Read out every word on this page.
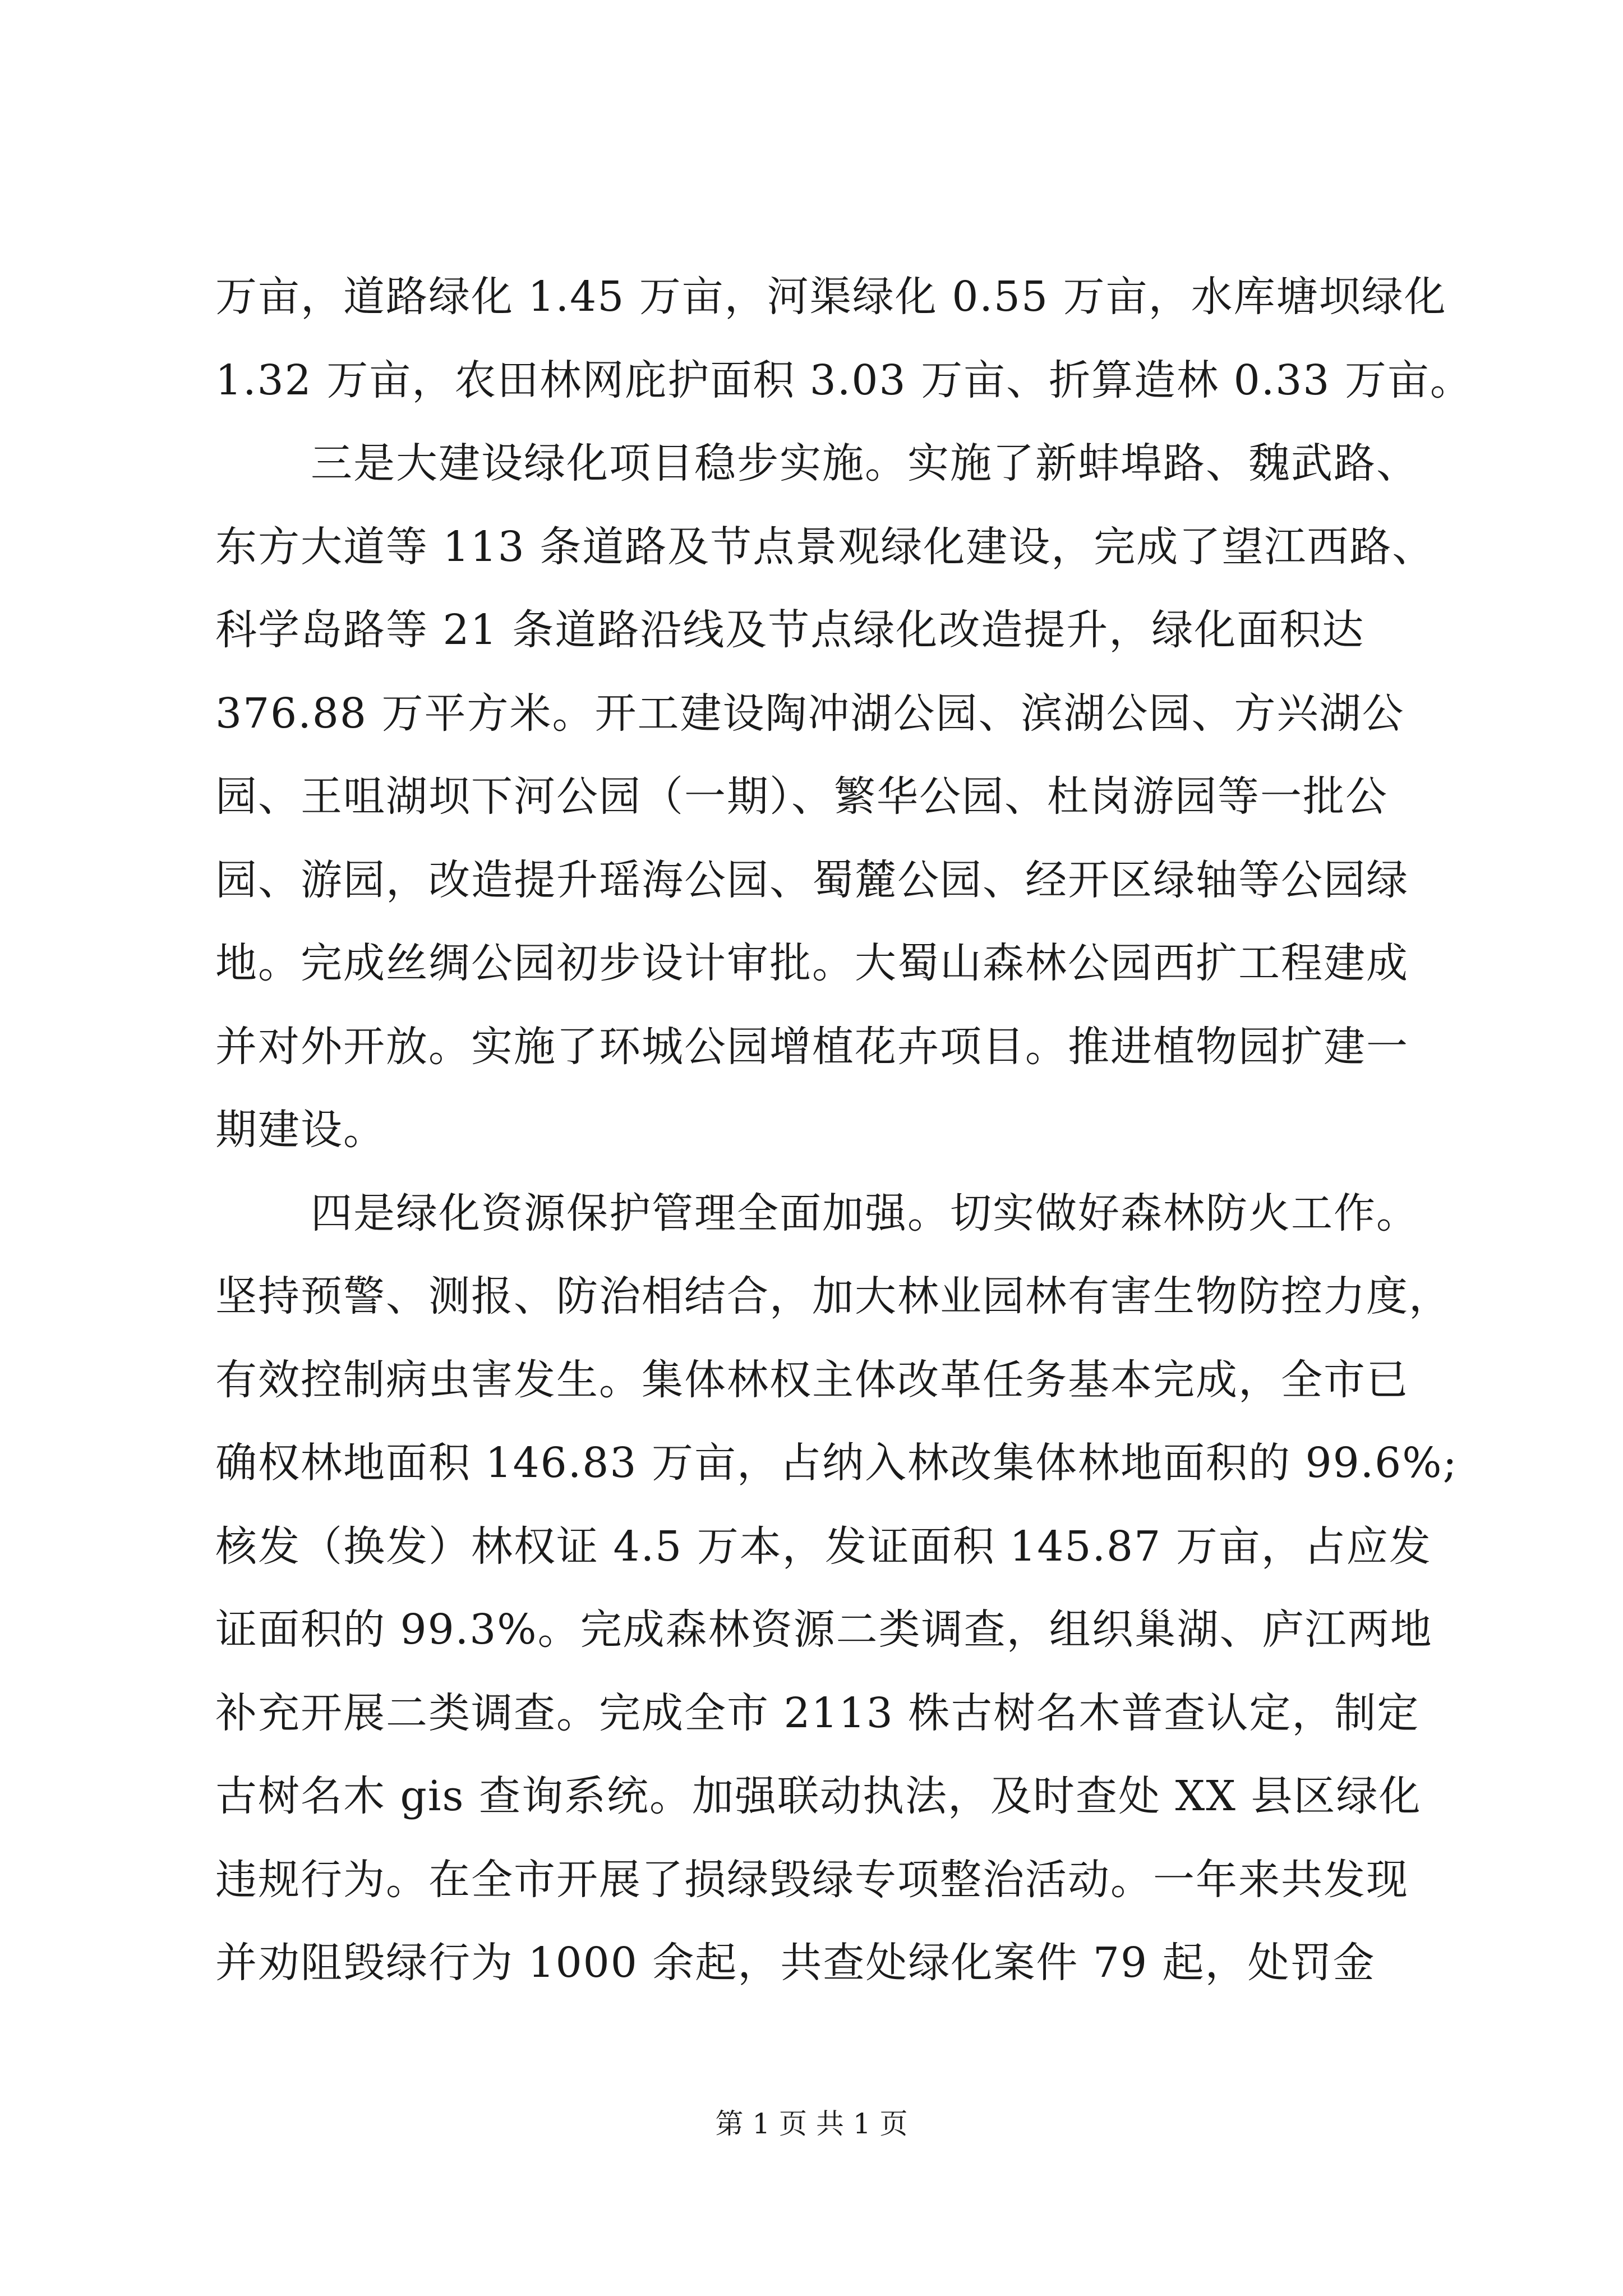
万亩，道路绿化 1.45 万亩，河渠绿化 0.55 万亩，水库塘坝绿化
1.32 万亩，农田林网庇护面积 3.03 万亩、折算造林 0.33 万亩。
三是大建设绿化项目稳步实施。实施了新蚌埠路、魏武路、
东方大道等 113 条道路及节点景观绿化建设，完成了望江西路、
科学岛路等 21 条道路沿线及节点绿化改造提升，绿化面积达
376.88 万平方米。开工建设陶冲湖公园、滨湖公园、方兴湖公
园、王咀湖坝下河公园（一期）、繁华公园、杜岗游园等一批公
园、游园，改造提升瑶海公园、蜀麓公园、经开区绿轴等公园绿
地。完成丝绸公园初步设计审批。大蜀山森林公园西扩工程建成
并对外开放。实施了环城公园增植花卉项目。推进植物园扩建一
期建设。
四是绿化资源保护管理全面加强。切实做好森林防火工作。
坚持预警、测报、防治相结合，加大林业园林有害生物防控力度，
有效控制病虫害发生。集体林权主体改革任务基本完成，全市已
确权林地面积 146.83 万亩，占纳入林改集体林地面积的 99.6%;
核发（换发）林权证 4.5 万本，发证面积 145.87 万亩，占应发
证面积的 99.3%。完成森林资源二类调查，组织巢湖、庐江两地
补充开展二类调查。完成全市 2113 株古树名木普查认定，制定
古树名木 gis 查询系统。加强联动执法，及时查处 XX 县区绿化
违规行为。在全市开展了损绿毁绿专项整治活动。一年来共发现
并劝阻毁绿行为 1000 余起，共查处绿化案件 79 起，处罚金
第 1 页 共 1 页
